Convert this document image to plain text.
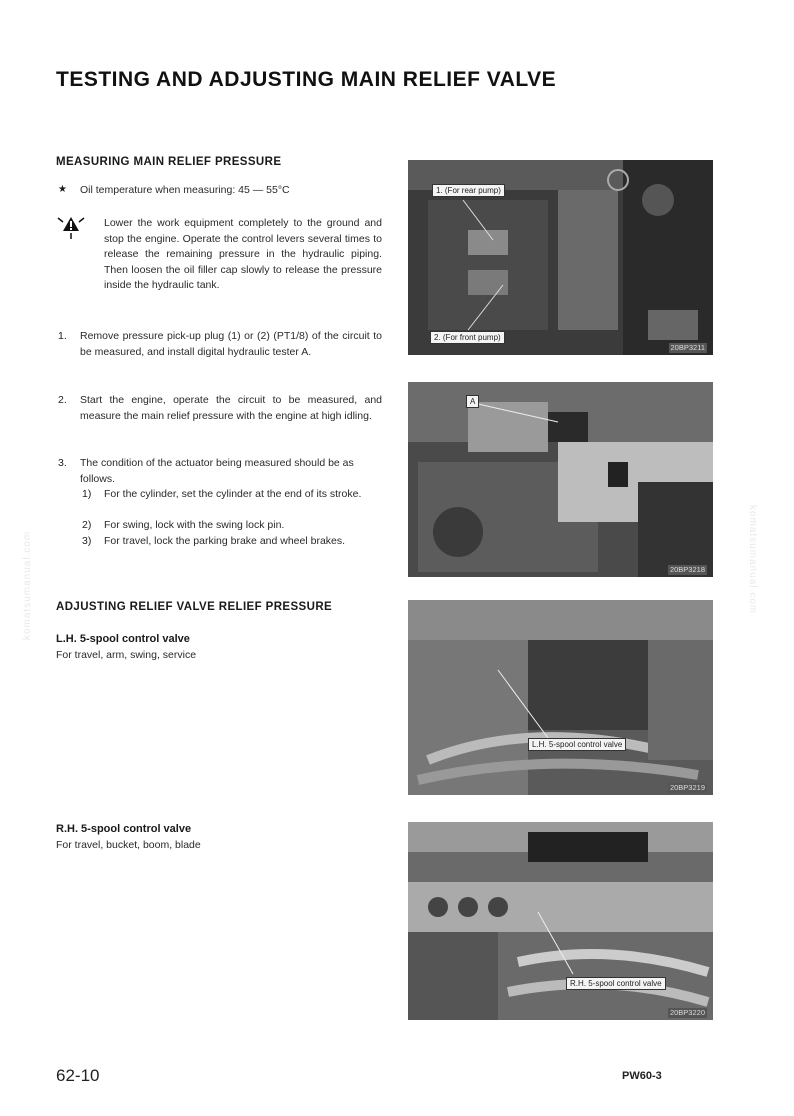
TESTING AND ADJUSTING MAIN RELIEF VALVE
komatsumanual.com	komatsumanual.com
MEASURING MAIN RELIEF PRESSURE
★ Oil temperature when measuring: 45 — 55°C
Lower the work equipment completely to the ground and stop the engine. Operate the control levers several times to release the remaining pressure in the hydraulic piping. Then loosen the oil filler cap slowly to release the pressure inside the hydraulic tank.
1. Remove pressure pick-up plug (1) or (2) (PT1/8) of the circuit to be measured, and install digital hydraulic tester A.
2. Start the engine, operate the circuit to be measured, and measure the main relief pressure with the engine at high idling.
3. The condition of the actuator being measured should be as follows.
1) For the cylinder, set the cylinder at the end of its stroke.
2) For swing, lock with the swing lock pin.
3) For travel, lock the parking brake and wheel brakes.
ADJUSTING RELIEF VALVE RELIEF PRESSURE
L.H. 5-spool control valve
For travel, arm, swing, service
R.H. 5-spool control valve
For travel, bucket, boom, blade
1. (For rear pump)
2. (For front pump)
20BP3211
A
20BP3218
L.H. 5-spool control valve
20BP3219
R.H. 5-spool control valve
20BP3220
62-10	PW60-3
